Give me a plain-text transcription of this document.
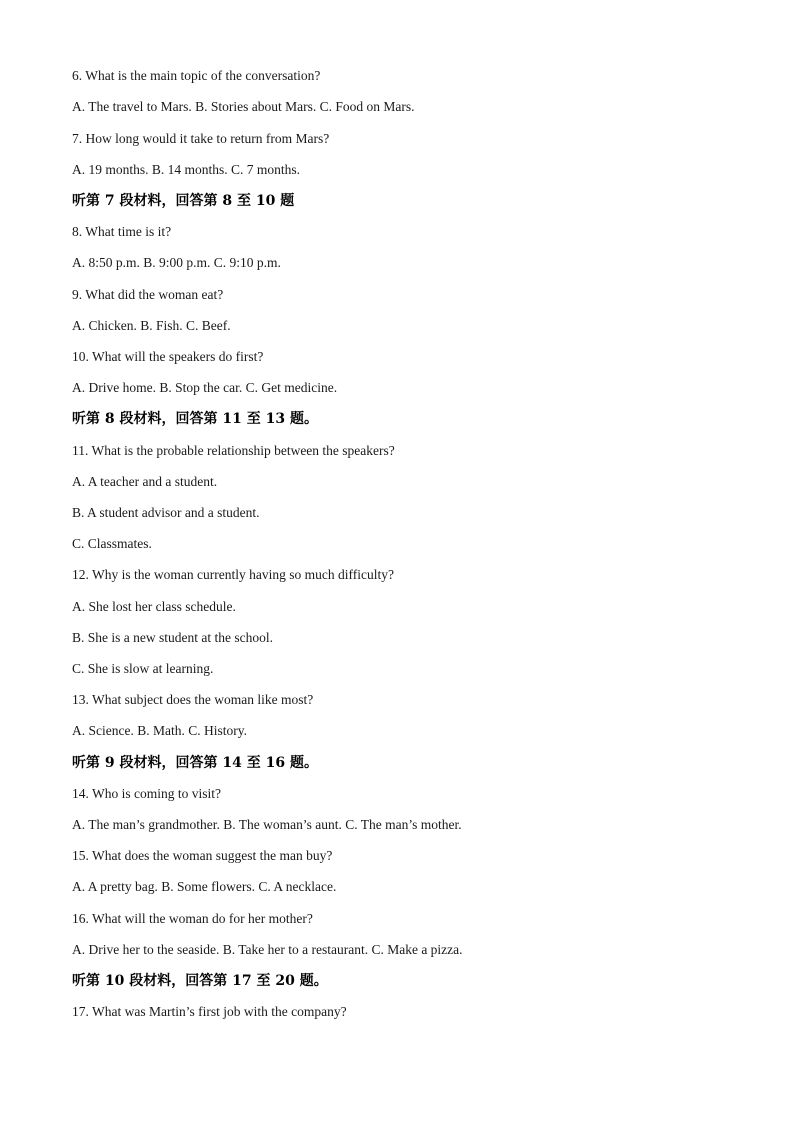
6. What is the main topic of the conversation?
A. The travel to Mars. B. Stories about Mars. C. Food on Mars.
7. How long would it take to return from Mars?
A. 19 months. B. 14 months. C. 7 months.
听第 7 段材料，回答第 8 至 10 题
8. What time is it?
A. 8:50 p.m. B. 9:00 p.m. C. 9:10 p.m.
9. What did the woman eat?
A. Chicken. B. Fish. C. Beef.
10. What will the speakers do first?
A. Drive home. B. Stop the car. C. Get medicine.
听第 8 段材料，回答第 11 至 13 题。
11. What is the probable relationship between the speakers?
A. A teacher and a student.
B. A student advisor and a student.
C. Classmates.
12. Why is the woman currently having so much difficulty?
A. She lost her class schedule.
B. She is a new student at the school.
C. She is slow at learning.
13. What subject does the woman like most?
A. Science. B. Math. C. History.
听第 9 段材料，回答第 14 至 16 题。
14. Who is coming to visit?
A. The man’s grandmother. B. The woman’s aunt. C. The man’s mother.
15. What does the woman suggest the man buy?
A. A pretty bag. B. Some flowers. C. A necklace.
16. What will the woman do for her mother?
A. Drive her to the seaside. B. Take her to a restaurant. C. Make a pizza.
听第 10 段材料，回答第 17 至 20 题。
17. What was Martin’s first job with the company?
